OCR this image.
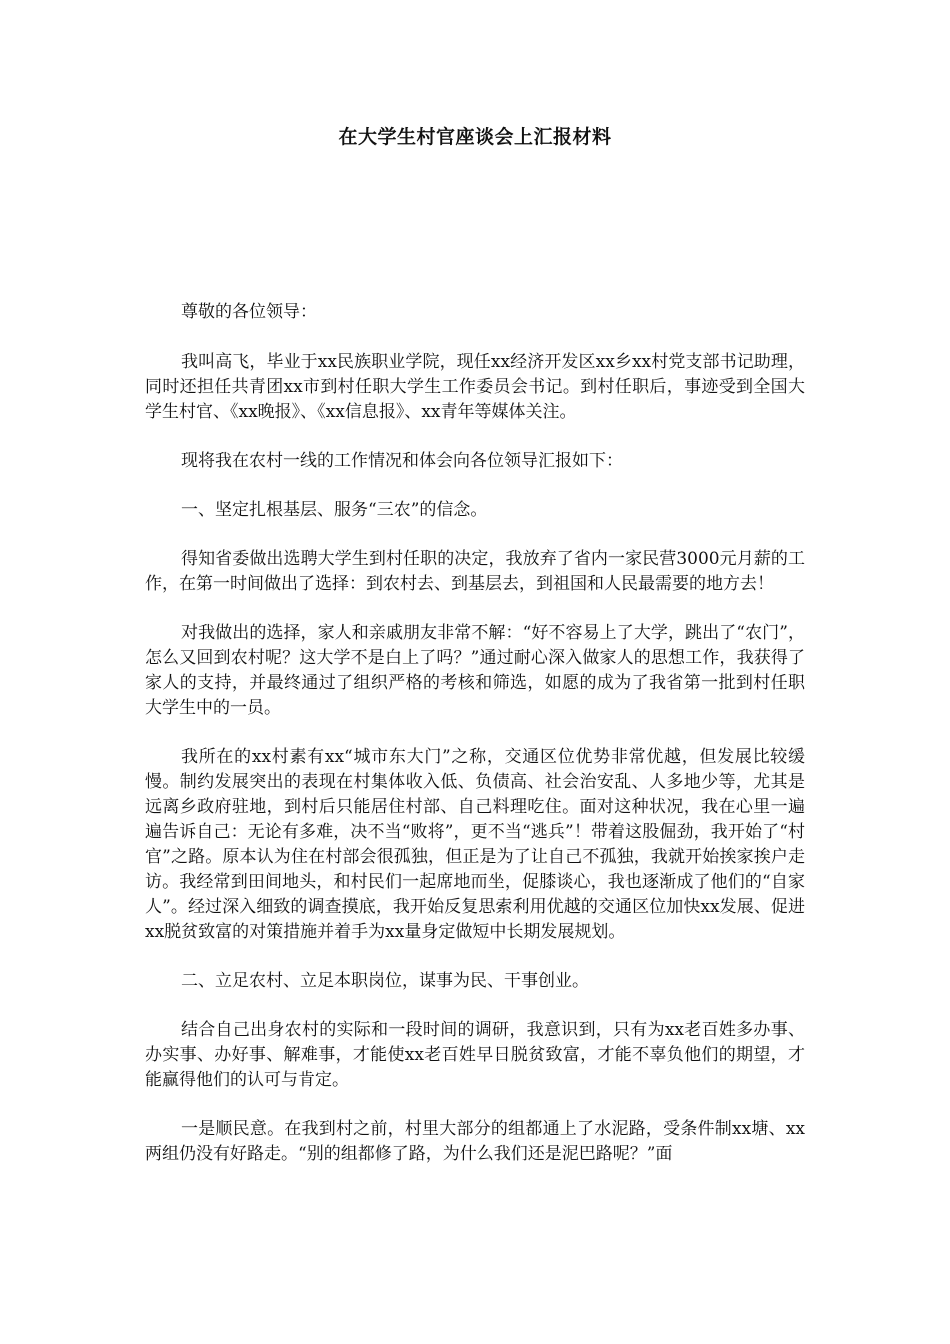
在大学生村官座谈会上汇报材料

尊敬的各位领导：

我叫高飞，毕业于xx民族职业学院，现任xx经济开发区xx乡xx村党支部书记助理，同时还担任共青团xx市到村任职大学生工作委员会书记。到村任职后，事迹受到全国大学生村官、《xx晚报》、《xx信息报》、xx青年等媒体关注。

现将我在农村一线的工作情况和体会向各位领导汇报如下：

一、坚定扎根基层、服务“三农”的信念。

得知省委做出选聘大学生到村任职的决定，我放弃了省内一家民营3000元月薪的工作，在第一时间做出了选择：到农村去、到基层去，到祖国和人民最需要的地方去！

对我做出的选择，家人和亲戚朋友非常不解：“好不容易上了大学，跳出了“农门”，怎么又回到农村呢？这大学不是白上了吗？”通过耐心深入做家人的思想工作，我获得了家人的支持，并最终通过了组织严格的考核和筛选，如愿的成为了我省第一批到村任职大学生中的一员。

我所在的xx村素有xx“城市东大门”之称，交通区位优势非常优越，但发展比较缓慢。制约发展突出的表现在村集体收入低、负债高、社会治安乱、人多地少等，尤其是远离乡政府驻地，到村后只能居住村部、自己料理吃住。面对这种状况，我在心里一遍遍告诉自己：无论有多难，决不当“败将”，更不当“逃兵”！带着这股倔劲，我开始了“村官”之路。原本认为住在村部会很孤独，但正是为了让自己不孤独，我就开始挨家挨户走访。我经常到田间地头，和村民们一起席地而坐，促膝谈心，我也逐渐成了他们的“自家人”。经过深入细致的调查摸底，我开始反复思索利用优越的交通区位加快xx发展、促进xx脱贫致富的对策措施并着手为xx量身定做短中长期发展规划。

二、立足农村、立足本职岗位，谋事为民、干事创业。

结合自己出身农村的实际和一段时间的调研，我意识到，只有为xx老百姓多办事、办实事、办好事、解难事，才能使xx老百姓早日脱贫致富，才能不辜负他们的期望，才能赢得他们的认可与肯定。

一是顺民意。在我到村之前，村里大部分的组都通上了水泥路，受条件制xx塘、xx两组仍没有好路走。“别的组都修了路，为什么我们还是泥巴路呢？”面
